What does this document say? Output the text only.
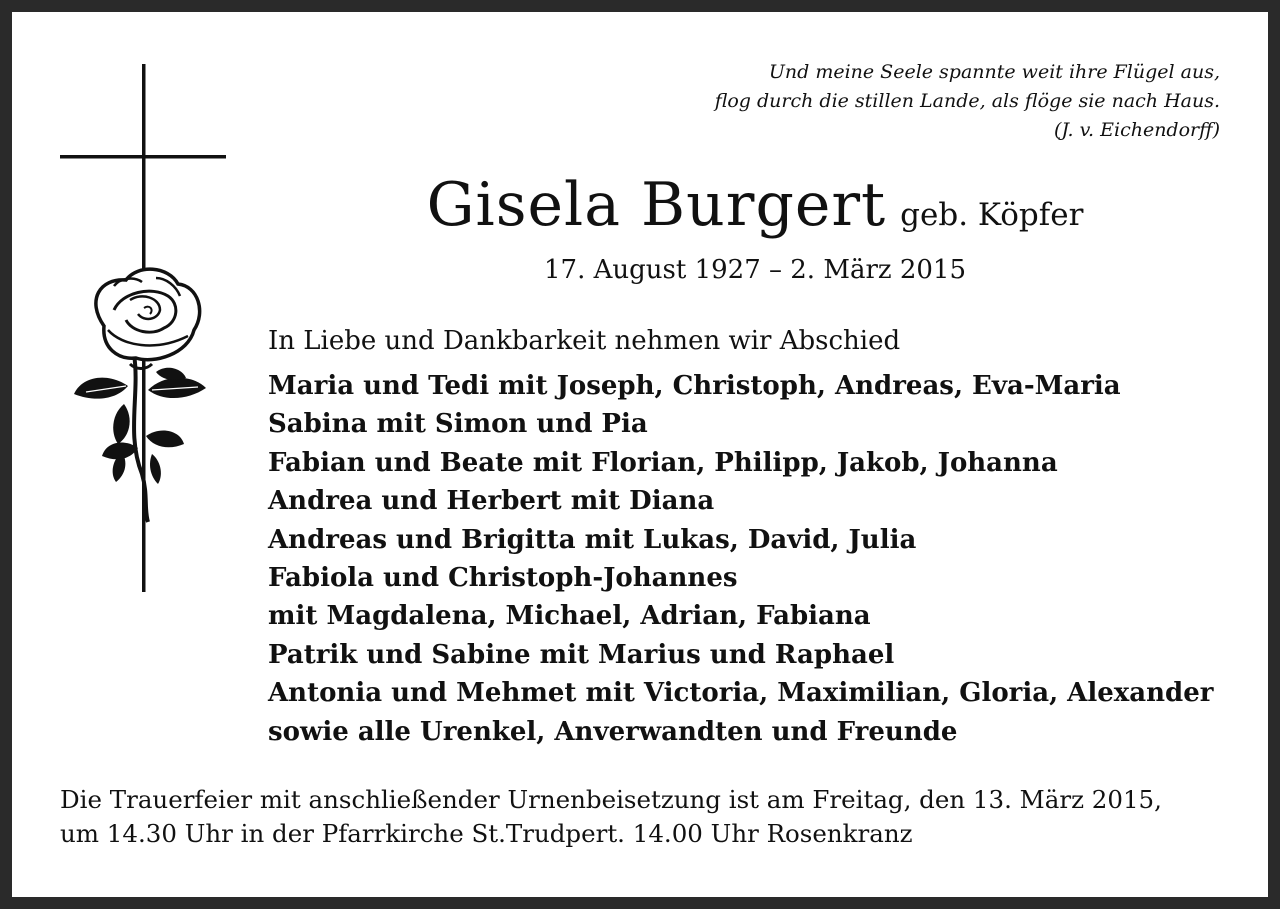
Und meine Seele spannte weit ihre Flügel aus,
flog durch die stillen Lande, als flöge sie nach Haus.
(J. v. Eichendorff)
Gisela Burgert geb. Köpfer
17. August 1927 – 2. März 2015
In Liebe und Dankbarkeit nehmen wir Abschied
Maria und Tedi mit Joseph, Christoph, Andreas, Eva-Maria
Sabina mit Simon und Pia
Fabian und Beate mit Florian, Philipp, Jakob, Johanna
Andrea und Herbert mit Diana
Andreas und Brigitta mit Lukas, David, Julia
Fabiola und Christoph-Johannes
mit Magdalena, Michael, Adrian, Fabiana
Patrik und Sabine mit Marius und Raphael
Antonia und Mehmet mit Victoria, Maximilian, Gloria, Alexander
sowie alle Urenkel, Anverwandten und Freunde
Die Trauerfeier mit anschließender Urnenbeisetzung ist am Freitag, den 13. März 2015,
um 14.30 Uhr in der Pfarrkirche St.Trudpert. 14.00 Uhr Rosenkranz
